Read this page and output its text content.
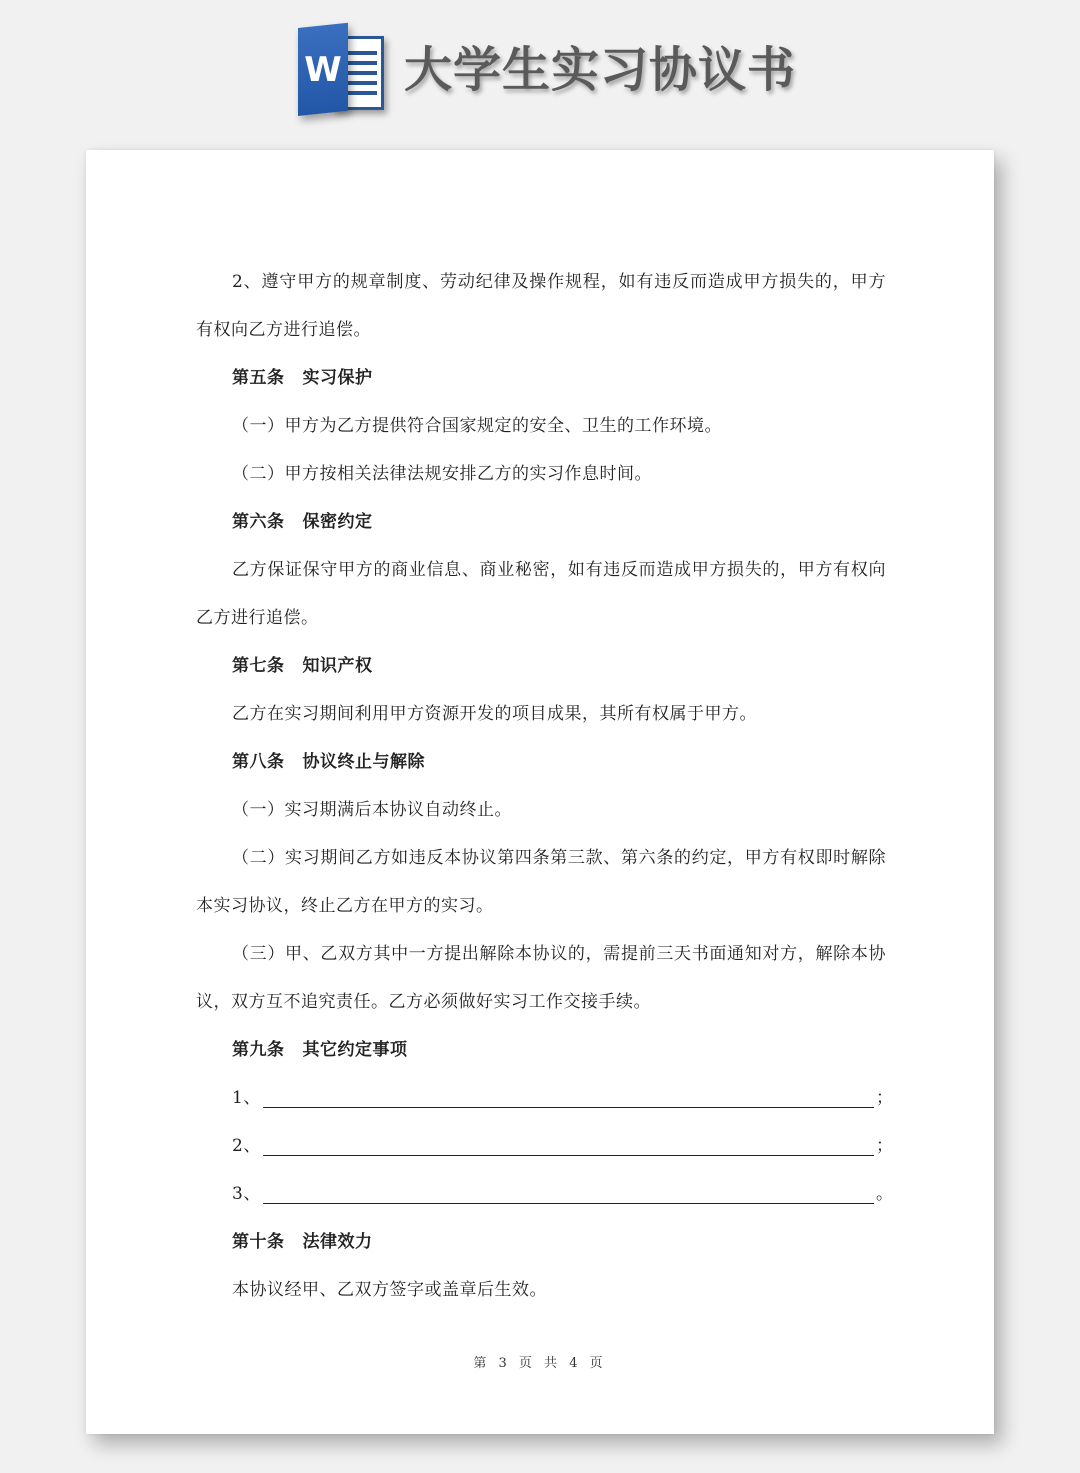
W 大学生实习协议书

2、遵守甲方的规章制度、劳动纪律及操作规程，如有违反而造成甲方损失的，甲方有权向乙方进行追偿。

第五条 实习保护

（一）甲方为乙方提供符合国家规定的安全、卫生的工作环境。

（二）甲方按相关法律法规安排乙方的实习作息时间。

第六条 保密约定

乙方保证保守甲方的商业信息、商业秘密，如有违反而造成甲方损失的，甲方有权向乙方进行追偿。

第七条 知识产权

乙方在实习期间利用甲方资源开发的项目成果，其所有权属于甲方。

第八条 协议终止与解除

（一）实习期满后本协议自动终止。

（二）实习期间乙方如违反本协议第四条第三款、第六条的约定，甲方有权即时解除本实习协议，终止乙方在甲方的实习。

（三）甲、乙双方其中一方提出解除本协议的，需提前三天书面通知对方，解除本协议，双方互不追究责任。乙方必须做好实习工作交接手续。

第九条 其它约定事项

1、	；
2、	；
3、	。

第十条 法律效力

本协议经甲、乙双方签字或盖章后生效。

第 3 页 共 4 页
